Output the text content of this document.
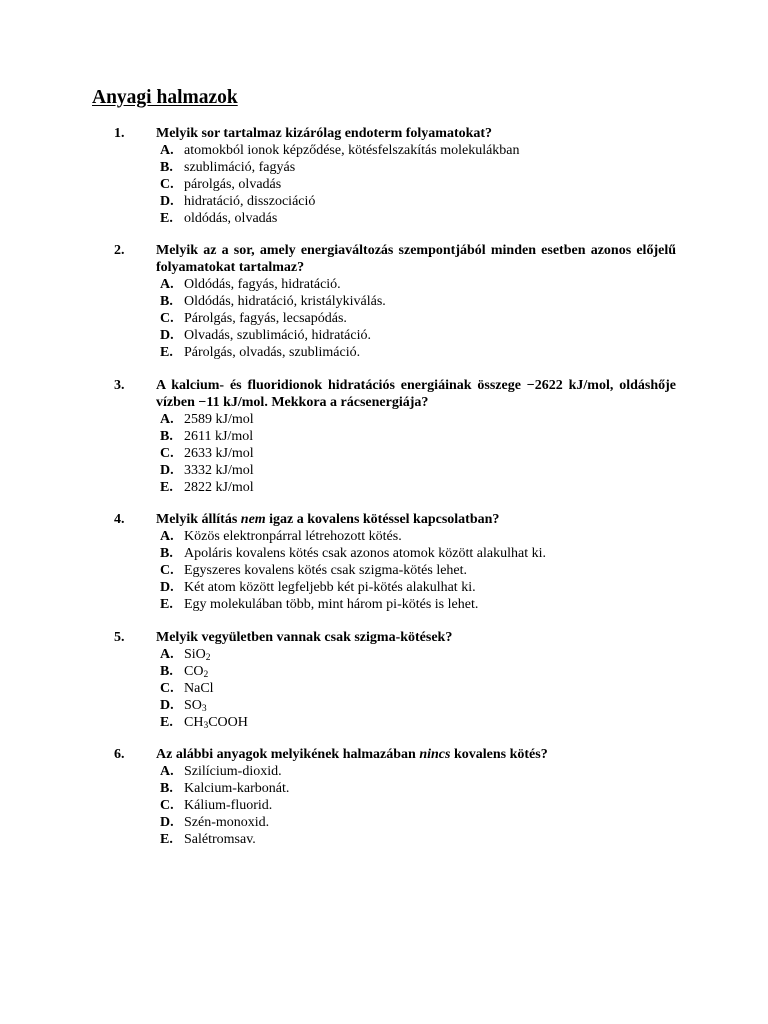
Anyagi halmazok
1. Melyik sor tartalmaz kizárólag endoterm folyamatokat?
A. atomokból ionok képződése, kötésfelszakítás molekulákban
B. szublimáció, fagyás
C. párolgás, olvadás
D. hidratáció, disszociáció
E. oldódás, olvadás
2. Melyik az a sor, amely energiaváltozás szempontjából minden esetben azonos előjelű folyamatokat tartalmaz?
A. Oldódás, fagyás, hidratáció.
B. Oldódás, hidratáció, kristálykiválás.
C. Párolgás, fagyás, lecsapódás.
D. Olvadás, szublimáció, hidratáció.
E. Párolgás, olvadás, szublimáció.
3. A kalcium- és fluoridionok hidratációs energiáinak összege −2622 kJ/mol, oldáshője vízben −11 kJ/mol. Mekkora a rácsenergiája?
A. 2589 kJ/mol
B. 2611 kJ/mol
C. 2633 kJ/mol
D. 3332 kJ/mol
E. 2822 kJ/mol
4. Melyik állítás nem igaz a kovalens kötéssel kapcsolatban?
A. Közös elektronpárral létrehozott kötés.
B. Apoláris kovalens kötés csak azonos atomok között alakulhat ki.
C. Egyszeres kovalens kötés csak szigma-kötés lehet.
D. Két atom között legfeljebb két pi-kötés alakulhat ki.
E. Egy molekulában több, mint három pi-kötés is lehet.
5. Melyik vegyületben vannak csak szigma-kötések?
A. SiO$_2$
B. $CO_2$
C. NaCl
D. $SO_3$
E. $CH_3COOH$
6. Az alábbi anyagok melyikének halmazában nincs kovalens kötés?
A. Szilícium-dioxid.
B. Kalcium-karbonát.
C. Kálium-fluorid.
D. Szén-monoxid.
E. Salétromsav.
